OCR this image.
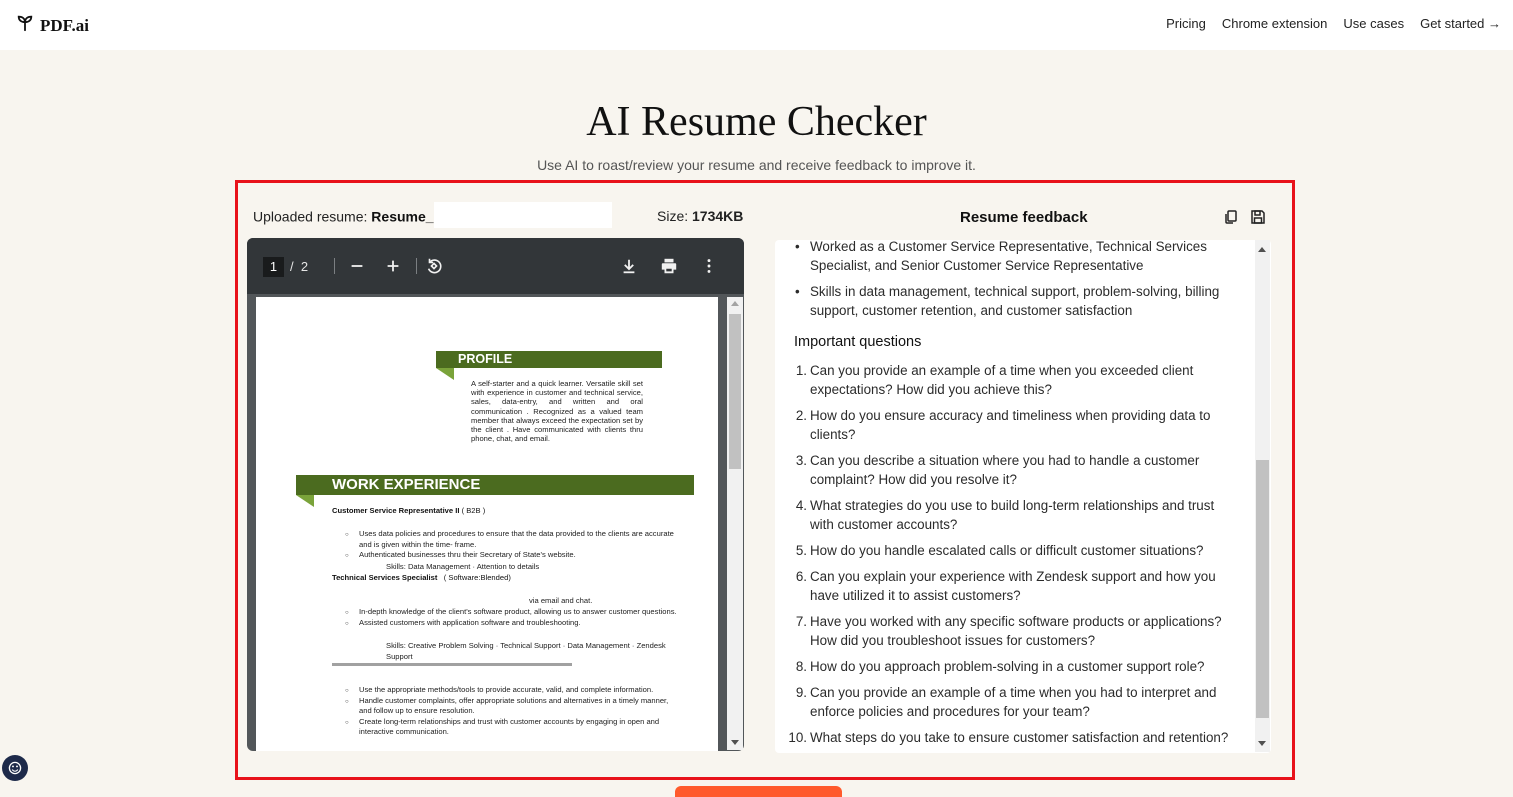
PDF.ai	Pricing Chrome extension Use cases Get started →
AI Resume Checker

Use AI to roast/review your resume and receive feedback to improve it.

Uploaded resume: Resume_	Size: 1734KB
1 / 2
PROFILE
A self-starter and a quick learner. Versatile skill set with experience in customer and technical service, sales, data-entry, and written and oral communication . Recognized as a valued team member that always exceed the expectation set by the client . Have communicated with clients thru phone, chat, and email.
WORK EXPERIENCE
Customer Service Representative II ( B2B )
○ Uses data policies and procedures to ensure that the data provided to the clients are accurate and is given within the time- frame.
○ Authenticated businesses thru their Secretary of State's website.
Skills: Data Management · Attention to details
Technical Services Specialist ( Software:Blended)
via email and chat.
○ In-depth knowledge of the client's software product, allowing us to answer customer questions.
○ Assisted customers with application software and troubleshooting.
Skills: Creative Problem Solving · Technical Support · Data Management · Zendesk Support
○ Use the appropriate methods/tools to provide accurate, valid, and complete information.
○ Handle customer complaints, offer appropriate solutions and alternatives in a timely manner, and follow up to ensure resolution.
○ Create long-term relationships and trust with customer accounts by engaging in open and interactive communication.
Resume feedback
• Worked as a Customer Service Representative, Technical Services Specialist, and Senior Customer Service Representative
• Skills in data management, technical support, problem-solving, billing support, customer retention, and customer satisfaction
Important questions
1. Can you provide an example of a time when you exceeded client expectations? How did you achieve this?
2. How do you ensure accuracy and timeliness when providing data to clients?
3. Can you describe a situation where you had to handle a customer complaint? How did you resolve it?
4. What strategies do you use to build long-term relationships and trust with customer accounts?
5. How do you handle escalated calls or difficult customer situations?
6. Can you explain your experience with Zendesk support and how you have utilized it to assist customers?
7. Have you worked with any specific software products or applications? How did you troubleshoot issues for customers?
8. How do you approach problem-solving in a customer support role?
9. Can you provide an example of a time when you had to interpret and enforce policies and procedures for your team?
10. What steps do you take to ensure customer satisfaction and retention?
